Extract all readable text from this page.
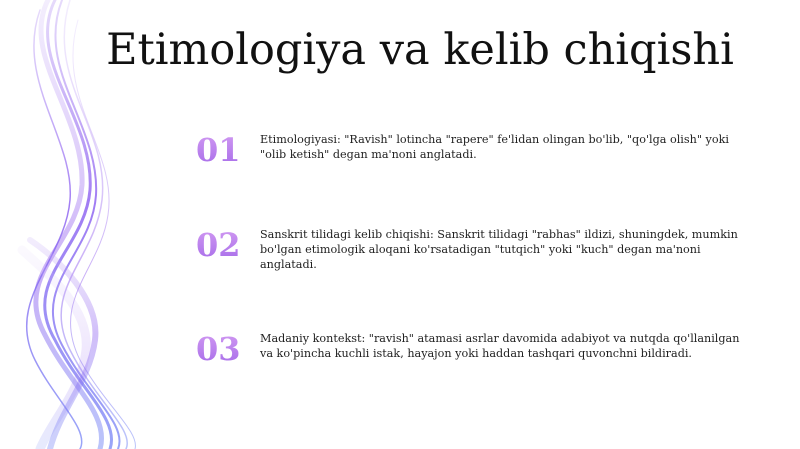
Etimologiya va kelib chiqishi
01	Etimologiyasi: "Ravish" lotincha "rapere" fe'lidan olingan bo'lib, "qo'lga olish" yoki "olib ketish" degan ma'noni anglatadi.

02	Sanskrit tilidagi kelib chiqishi: Sanskrit tilidagi "rabhas" ildizi, shuningdek, mumkin bo'lgan etimologik aloqani ko'rsatadigan "tutqich" yoki "kuch" degan ma'noni anglatadi.

03	Madaniy kontekst: "ravish" atamasi asrlar davomida adabiyot va nutqda qo'llanilgan va ko'pincha kuchli istak, hayajon yoki haddan tashqari quvonchni bildiradi.
